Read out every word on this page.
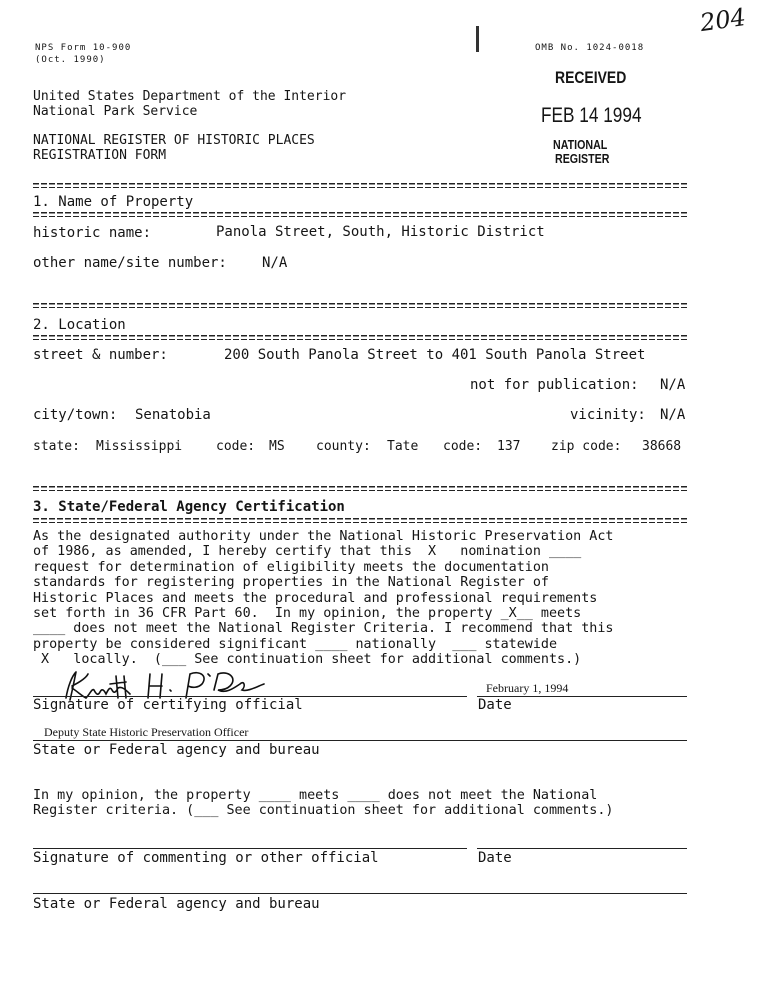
NPS Form 10-900
(Oct. 1990)
OMB No. 1024-0018
United States Department of the Interior
National Park Service
NATIONAL REGISTER OF HISTORIC PLACES
REGISTRATION FORM
RECEIVED
FEB 14 1994
NATIONAL
REGISTER
204
1. Name of Property
historic name:	Panola Street, South, Historic District
other name/site number:	N/A
2. Location
street & number:	200 South Panola Street to 401 South Panola Street
not for publication: N/A
city/town: Senatobia	vicinity: N/A
state: Mississippi	code: MS county: Tate code: 137 zip code: 38668
3. State/Federal Agency Certification
As the designated authority under the National Historic Preservation Act
of 1986, as amended, I hereby certify that this  X   nomination ____
request for determination of eligibility meets the documentation
standards for registering properties in the National Register of
Historic Places and meets the procedural and professional requirements
set forth in 36 CFR Part 60.  In my opinion, the property _X__ meets
____ does not meet the National Register Criteria. I recommend that this
property be considered significant ____ nationally  ___ statewide
X   locally.  (___ See continuation sheet for additional comments.)
February 1, 1994
Signature of certifying official	Date
Deputy State Historic Preservation Officer
State or Federal agency and bureau
In my opinion, the property ____ meets ____ does not meet the National
Register criteria. (___ See continuation sheet for additional comments.)
Signature of commenting or other official	Date
State or Federal agency and bureau
